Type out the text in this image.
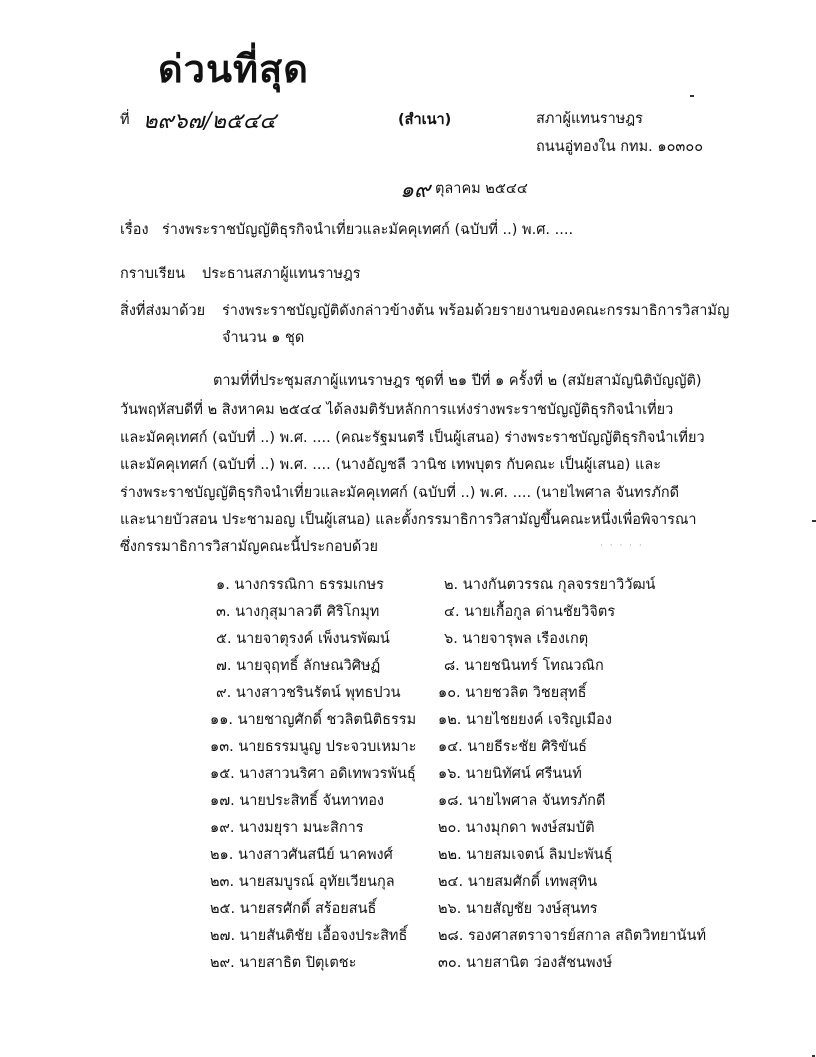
ด่วนที่สุด
ที่ ๒๙๖๗/๒๕๔๔	(สำเนา)	สภาผู้แทนราษฎร
ถนนอู่ทองใน กทม. ๑๐๓๐๐
๑๙ ตุลาคม ๒๕๔๔
เรื่อง ร่างพระราชบัญญัติธุรกิจนำเที่ยวและมัคคุเทศก์ (ฉบับที่ ..) พ.ศ. ....
กราบเรียน ประธานสภาผู้แทนราษฎร
สิ่งที่ส่งมาด้วย ร่างพระราชบัญญัติดังกล่าวข้างต้น พร้อมด้วยรายงานของคณะกรรมาธิการวิสามัญ
จำนวน ๑ ชุด
ตามที่ที่ประชุมสภาผู้แทนราษฎร ชุดที่ ๒๑ ปีที่ ๑ ครั้งที่ ๒ (สมัยสามัญนิติบัญญัติ)
วันพฤหัสบดีที่ ๒ สิงหาคม ๒๕๔๔ ได้ลงมติรับหลักการแห่งร่างพระราชบัญญัติธุรกิจนำเที่ยว
และมัคคุเทศก์ (ฉบับที่ ..) พ.ศ. .... (คณะรัฐมนตรี เป็นผู้เสนอ) ร่างพระราชบัญญัติธุรกิจนำเที่ยว
และมัคคุเทศก์ (ฉบับที่ ..) พ.ศ. .... (นางอัญชลี วานิช เทพบุตร กับคณะ เป็นผู้เสนอ) และ
ร่างพระราชบัญญัติธุรกิจนำเที่ยวและมัคคุเทศก์ (ฉบับที่ ..) พ.ศ. .... (นายไพศาล จันทรภักดี
และนายบัวสอน ประชามอญ เป็นผู้เสนอ) และตั้งกรรมาธิการวิสามัญขึ้นคณะหนึ่งเพื่อพิจารณา
ซึ่งกรรมาธิการวิสามัญคณะนี้ประกอบด้วย
๑. นางกรรณิกา ธรรมเกษร
๓. นางกุสุมาลวตี ศิริโกมุท
๕. นายจาตุรงค์ เพ็งนรพัฒน์
๗. นายจุฤทธิ์ ลักษณวิศิษฏ์
๙. นางสาวชรินรัตน์ พุทธปวน
๑๑. นายชาญศักดิ์ ชวลิตนิติธรรม
๑๓. นายธรรมนูญ ประจวบเหมาะ
๑๕. นางสาวนริศา อดิเทพวรพันธุ์
๑๗. นายประสิทธิ์ จันทาทอง
๑๙. นางมยุรา มนะสิการ
๒๑. นางสาวศันสนีย์ นาคพงศ์
๒๓. นายสมบูรณ์ อุทัยเวียนกุล
๒๕. นายสรศักดิ์ สร้อยสนธิ์
๒๗. นายสันติชัย เอื้อจงประสิทธิ์
๒๙. นายสาธิต ปิตุเตชะ
๒. นางกันตวรรณ กุลจรรยาวิวัฒน์
๔. นายเกื้อกูล ด่านชัยวิจิตร
๖. นายจารุพล เรืองเกตุ
๘. นายชนินทร์ โทณวณิก
๑๐. นายชวลิต วิชยสุทธิ์
๑๒. นายไชยยงค์ เจริญเมือง
๑๔. นายธีระชัย ศิริขันธ์
๑๖. นายนิทัศน์ ศรีนนท์
๑๘. นายไพศาล จันทรภักดี
๒๐. นางมุกดา พงษ์สมบัติ
๒๒. นายสมเจตน์ ลิมปะพันธุ์
๒๔. นายสมศักดิ์ เทพสุทิน
๒๖. นายสัญชัย วงษ์สุนทร
๒๘. รองศาสตราจารย์สกาล สถิตวิทยานันท์
๓๐. นายสานิต ว่องสัชนพงษ์
· · · · ·
